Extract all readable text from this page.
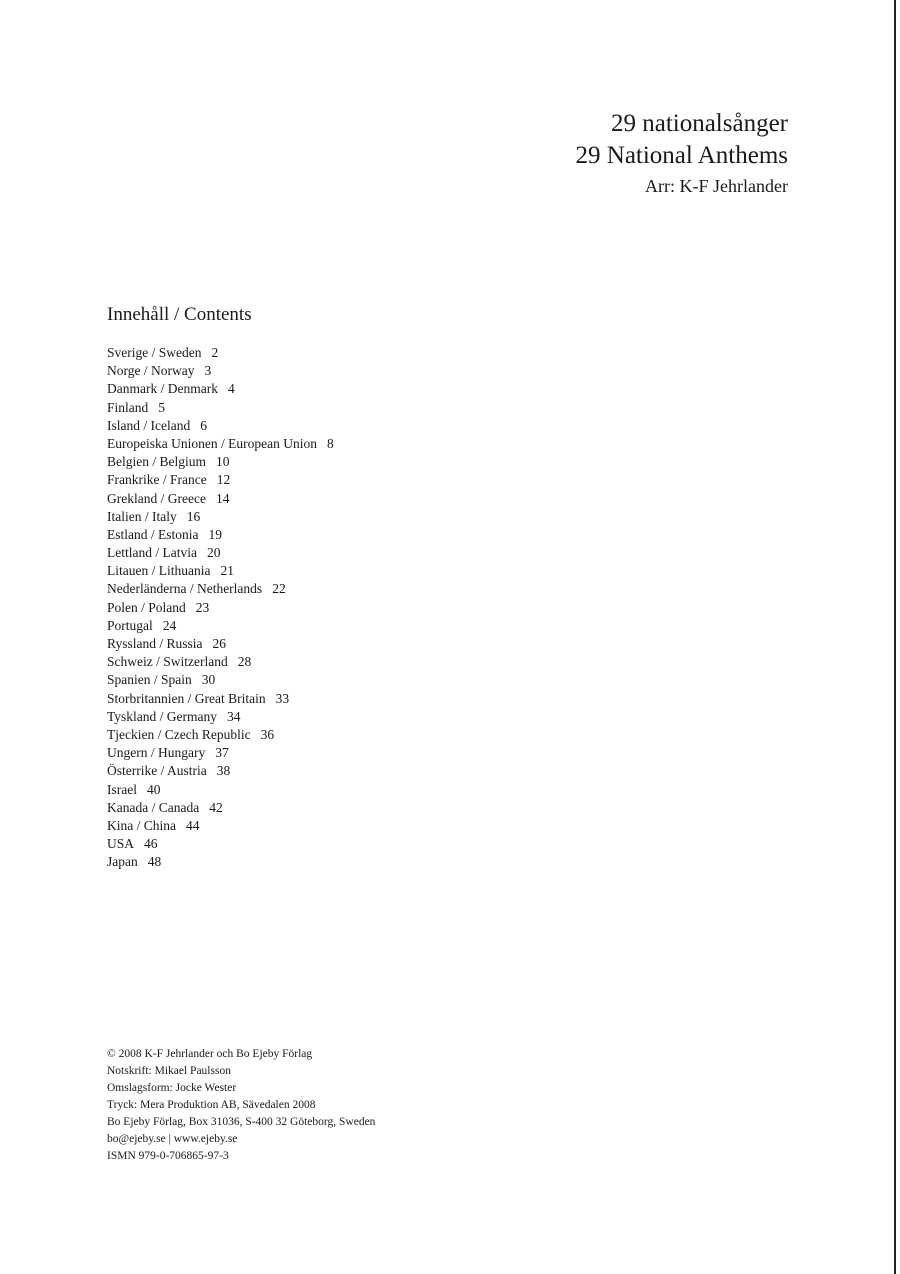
29 nationalsånger
29 National Anthems
Arr: K-F Jehrlander
Innehåll / Contents
Sverige / Sweden 2
Norge / Norway 3
Danmark / Denmark 4
Finland 5
Island / Iceland 6
Europeiska Unionen / European Union 8
Belgien / Belgium 10
Frankrike / France 12
Grekland / Greece 14
Italien / Italy 16
Estland / Estonia 19
Lettland / Latvia 20
Litauen / Lithuania 21
Nederländerna / Netherlands 22
Polen / Poland 23
Portugal 24
Ryssland / Russia 26
Schweiz / Switzerland 28
Spanien / Spain 30
Storbritannien / Great Britain 33
Tyskland / Germany 34
Tjeckien / Czech Republic 36
Ungern / Hungary 37
Österrike / Austria 38
Israel 40
Kanada / Canada 42
Kina / China 44
USA 46
Japan 48
© 2008 K-F Jehrlander och Bo Ejeby Förlag
Notskrift: Mikael Paulsson
Omslagsform: Jocke Wester
Tryck: Mera Produktion AB, Sävedalen 2008
Bo Ejeby Förlag, Box 31036, S-400 32 Göteborg, Sweden
bo@ejeby.se | www.ejeby.se
ISMN 979-0-706865-97-3
